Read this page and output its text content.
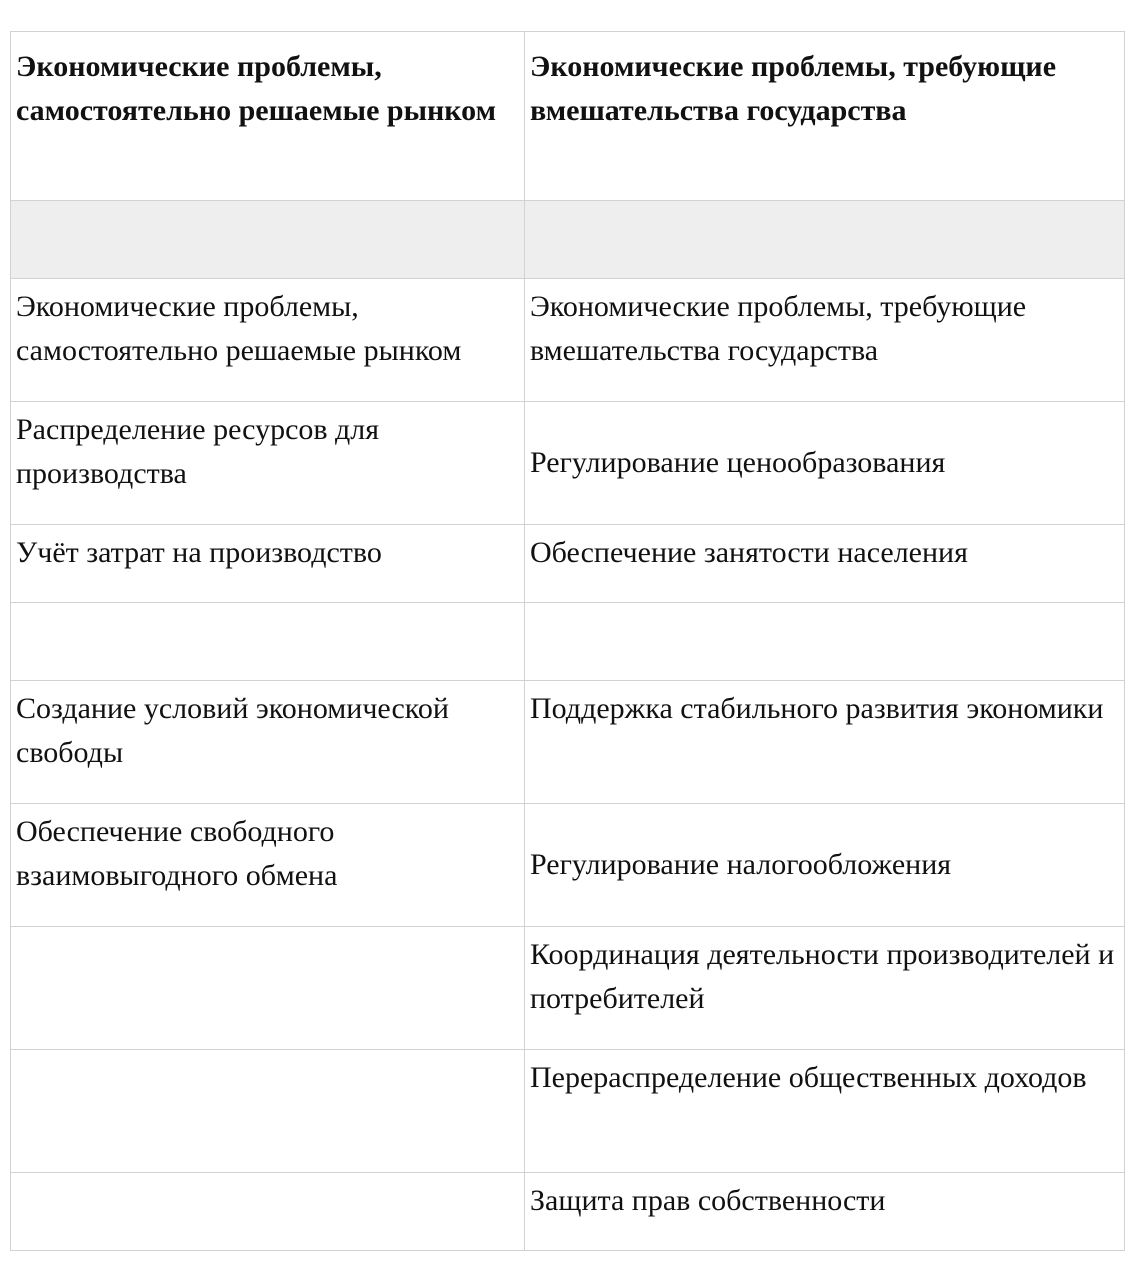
Экономические проблемы, самостоятельно решаемые рынком	Экономические проблемы, требующие вмешательства государства

Экономические проблемы, самостоятельно решаемые рынком	Экономические проблемы, требующие вмешательства государства
Распределение ресурсов для производства	Регулирование ценообразования
Учёт затрат на производство	Обеспечение занятости населения

Создание условий экономической свободы	Поддержка стабильного развития экономики
Обеспечение свободного взаимовыгодного обмена	Регулирование налогообложения
	Координация деятельности производителей и потребителей
	Перераспределение общественных доходов
	Защита прав собственности
